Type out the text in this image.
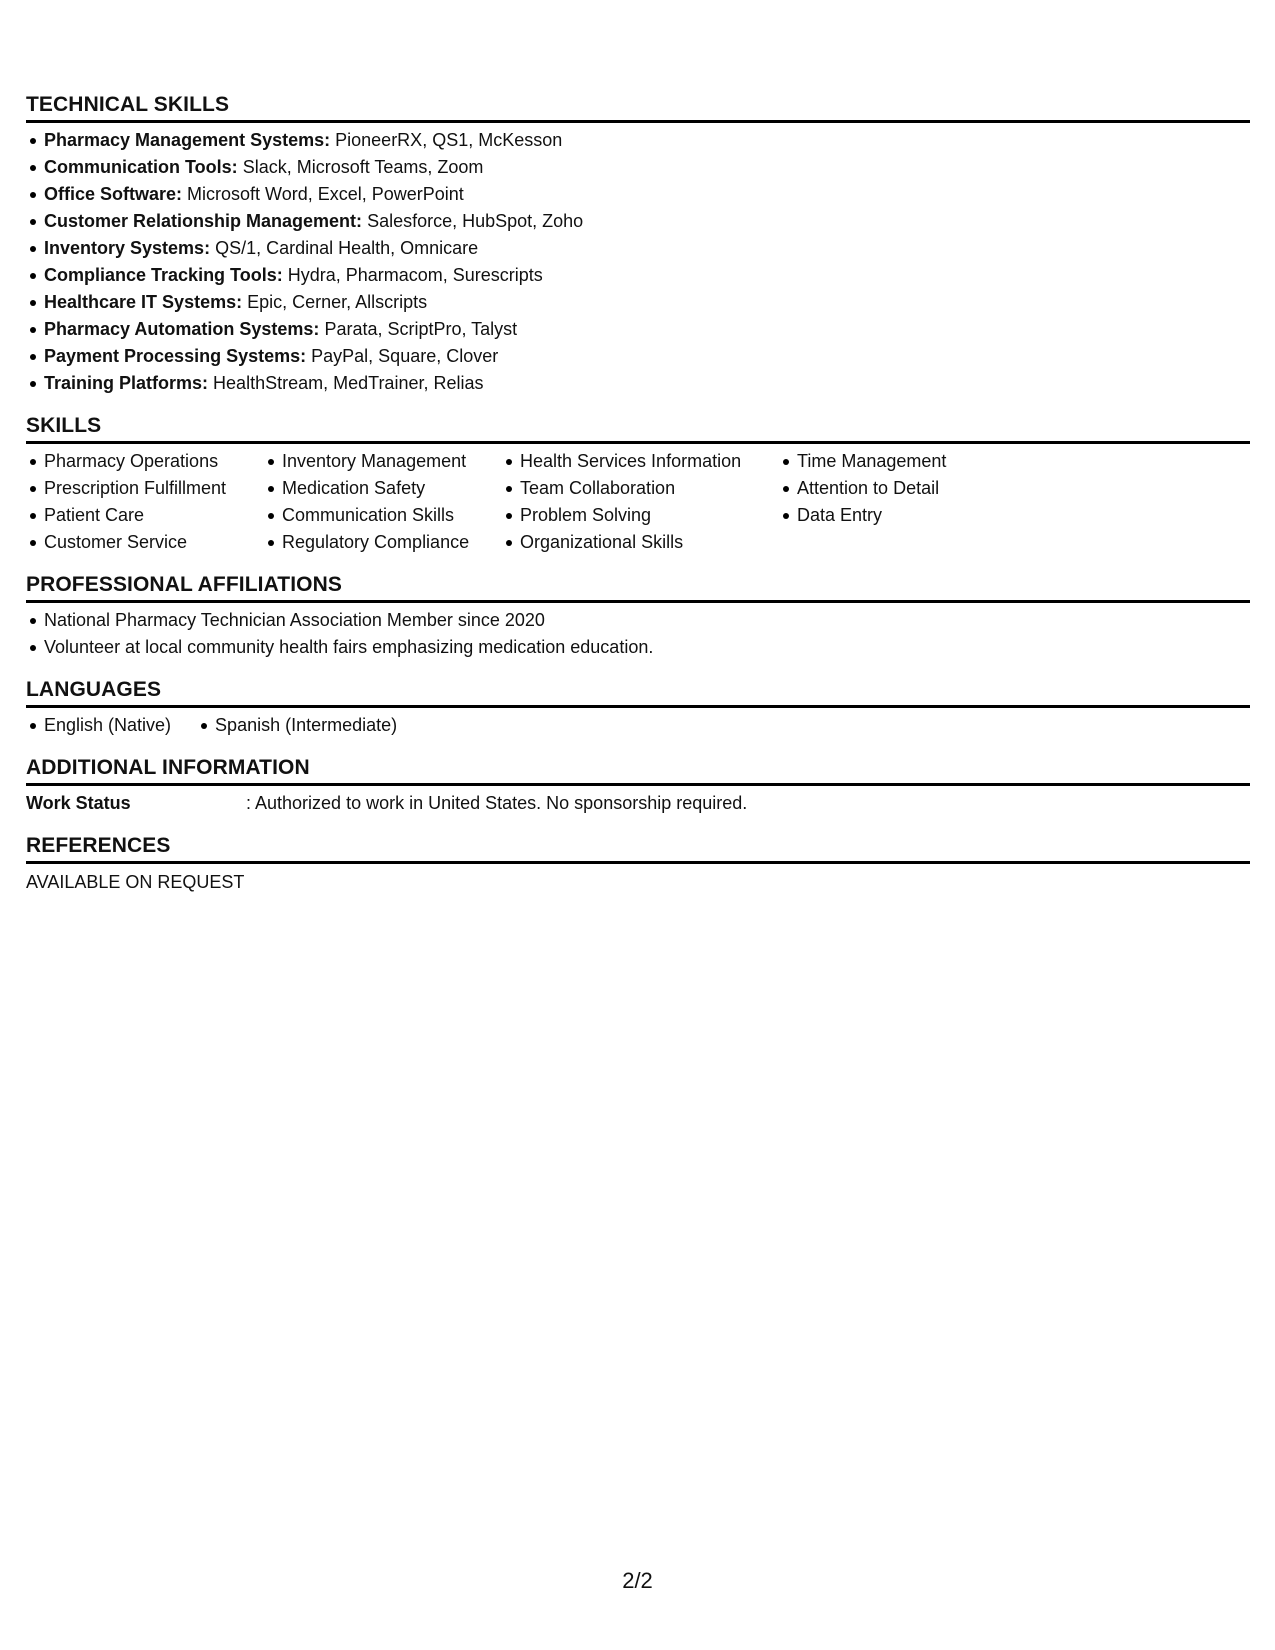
TECHNICAL SKILLS
Pharmacy Management Systems: PioneerRX, QS1, McKesson
Communication Tools: Slack, Microsoft Teams, Zoom
Office Software: Microsoft Word, Excel, PowerPoint
Customer Relationship Management: Salesforce, HubSpot, Zoho
Inventory Systems: QS/1, Cardinal Health, Omnicare
Compliance Tracking Tools: Hydra, Pharmacom, Surescripts
Healthcare IT Systems: Epic, Cerner, Allscripts
Pharmacy Automation Systems: Parata, ScriptPro, Talyst
Payment Processing Systems: PayPal, Square, Clover
Training Platforms: HealthStream, MedTrainer, Relias
SKILLS
Pharmacy Operations
Prescription Fulfillment
Patient Care
Customer Service
Inventory Management
Medication Safety
Communication Skills
Regulatory Compliance
Health Services Information
Team Collaboration
Problem Solving
Organizational Skills
Time Management
Attention to Detail
Data Entry
PROFESSIONAL AFFILIATIONS
National Pharmacy Technician Association Member since 2020
Volunteer at local community health fairs emphasizing medication education.
LANGUAGES
English (Native)	Spanish (Intermediate)
ADDITIONAL INFORMATION
Work Status	: Authorized to work in United States. No sponsorship required.
REFERENCES
AVAILABLE ON REQUEST
2/2
